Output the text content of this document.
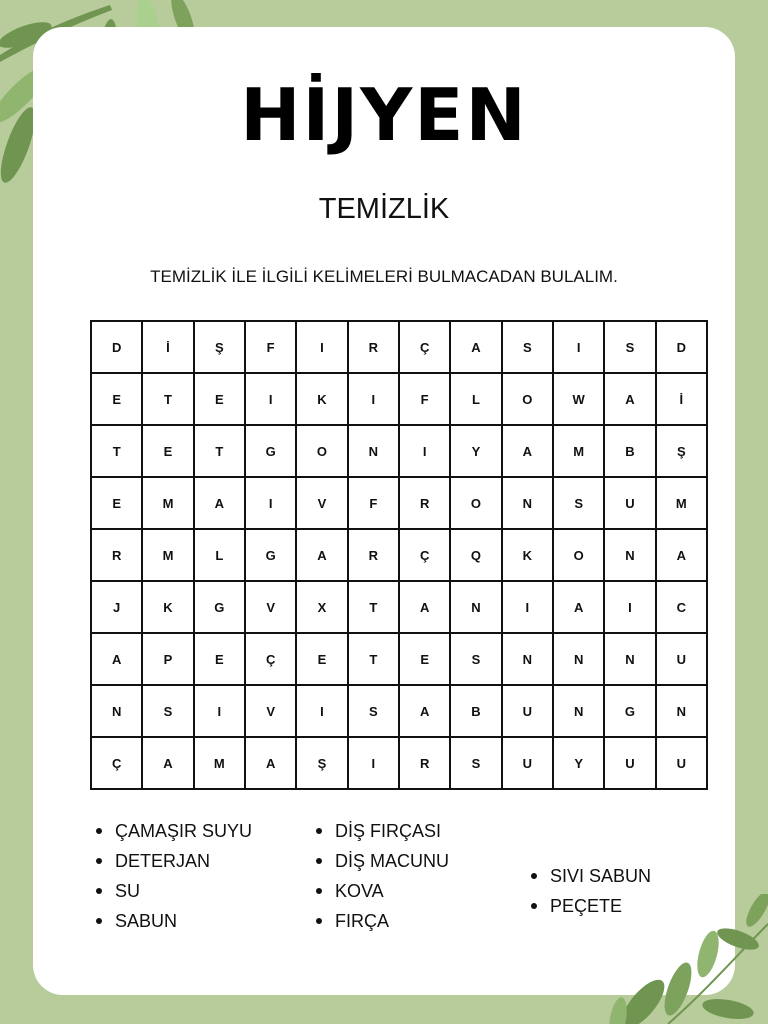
HİJYEN
TEMİZLİK
TEMİZLİK İLE İLGİLİ KELİMELERİ BULMACADAN BULALIM.
D	İ	Ş	F	I	R	Ç	A	S	I	S	D
E	T	E	I	K	I	F	L	O	W	A	İ
T	E	T	G	O	N	I	Y	A	M	B	Ş
E	M	A	I	V	F	R	O	N	S	U	M
R	M	L	G	A	R	Ç	Q	K	O	N	A
J	K	G	V	X	T	A	N	I	A	I	C
A	P	E	Ç	E	T	E	S	N	N	N	U
N	S	I	V	I	S	A	B	U	N	G	N
Ç	A	M	A	Ş	I	R	S	U	Y	U	U
ÇAMAŞIR SUYU
DETERJAN
SU
SABUN
DİŞ FIRÇASI
DİŞ MACUNU
KOVA
FIRÇA
SIVI SABUN
PEÇETE
